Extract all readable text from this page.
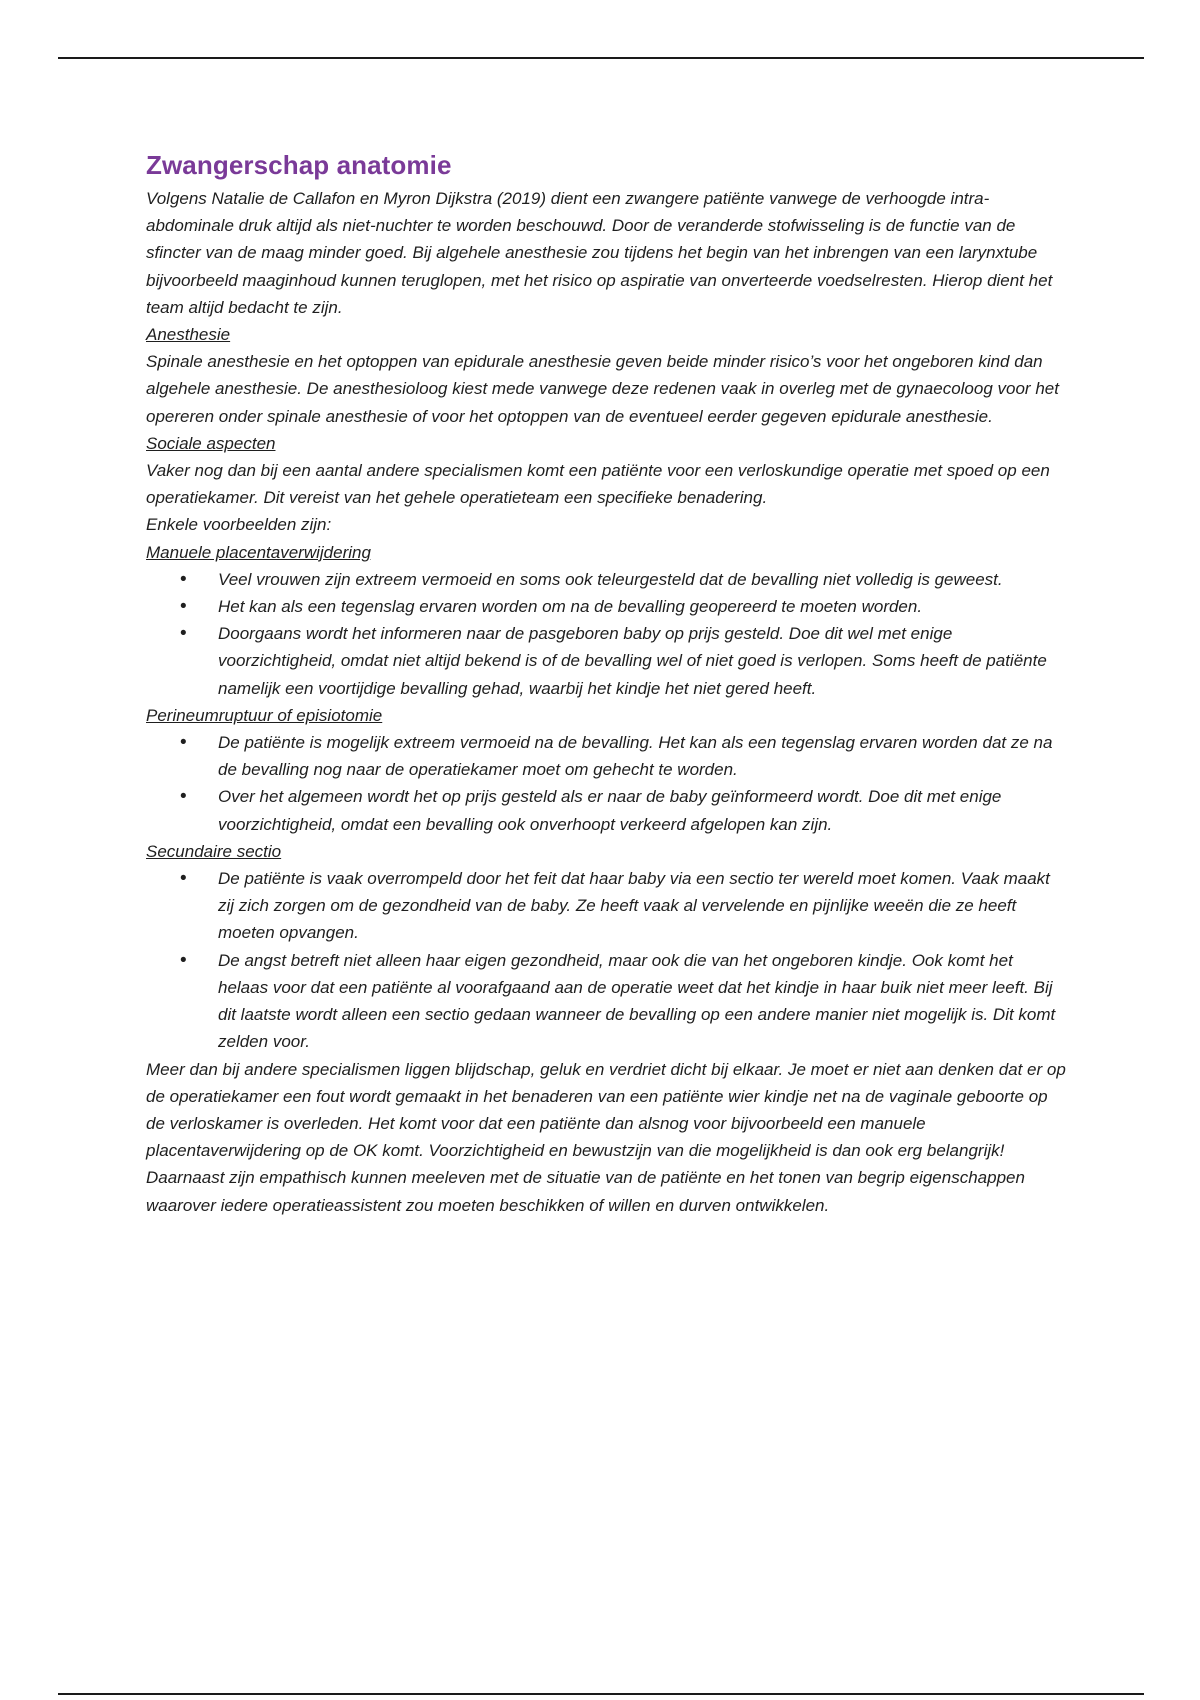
Zwangerschap anatomie

Volgens Natalie de Callafon en Myron Dijkstra (2019) dient een zwangere patiënte vanwege de verhoogde intra-abdominale druk altijd als niet-nuchter te worden beschouwd. Door de veranderde stofwisseling is de functie van de sfincter van de maag minder goed. Bij algehele anesthesie zou tijdens het begin van het inbrengen van een larynxtube bijvoorbeeld maaginhoud kunnen teruglopen, met het risico op aspiratie van onverteerde voedselresten. Hierop dient het team altijd bedacht te zijn.

Anesthesie

Spinale anesthesie en het optoppen van epidurale anesthesie geven beide minder risico’s voor het ongeboren kind dan algehele anesthesie. De anesthesioloog kiest mede vanwege deze redenen vaak in overleg met de gynaecoloog voor het opereren onder spinale anesthesie of voor het optoppen van de eventueel eerder gegeven epidurale anesthesie.

Sociale aspecten

Vaker nog dan bij een aantal andere specialismen komt een patiënte voor een verloskundige operatie met spoed op een operatiekamer. Dit vereist van het gehele operatieteam een specifieke benadering.

Enkele voorbeelden zijn:

Manuele placentaverwijdering

• Veel vrouwen zijn extreem vermoeid en soms ook teleurgesteld dat de bevalling niet volledig is geweest.
• Het kan als een tegenslag ervaren worden om na de bevalling geopereerd te moeten worden.
• Doorgaans wordt het informeren naar de pasgeboren baby op prijs gesteld. Doe dit wel met enige voorzichtigheid, omdat niet altijd bekend is of de bevalling wel of niet goed is verlopen. Soms heeft de patiënte namelijk een voortijdige bevalling gehad, waarbij het kindje het niet gered heeft.

Perineumruptuur of episiotomie

• De patiënte is mogelijk extreem vermoeid na de bevalling. Het kan als een tegenslag ervaren worden dat ze na de bevalling nog naar de operatiekamer moet om gehecht te worden.
• Over het algemeen wordt het op prijs gesteld als er naar de baby geïnformeerd wordt. Doe dit met enige voorzichtigheid, omdat een bevalling ook onverhoopt verkeerd afgelopen kan zijn.

Secundaire sectio

• De patiënte is vaak overrompeld door het feit dat haar baby via een sectio ter wereld moet komen. Vaak maakt zij zich zorgen om de gezondheid van de baby. Ze heeft vaak al vervelende en pijnlijke weeën die ze heeft moeten opvangen.
• De angst betreft niet alleen haar eigen gezondheid, maar ook die van het ongeboren kindje. Ook komt het helaas voor dat een patiënte al voorafgaand aan de operatie weet dat het kindje in haar buik niet meer leeft. Bij dit laatste wordt alleen een sectio gedaan wanneer de bevalling op een andere manier niet mogelijk is. Dit komt zelden voor.

Meer dan bij andere specialismen liggen blijdschap, geluk en verdriet dicht bij elkaar. Je moet er niet aan denken dat er op de operatiekamer een fout wordt gemaakt in het benaderen van een patiënte wier kindje net na de vaginale geboorte op de verloskamer is overleden. Het komt voor dat een patiënte dan alsnog voor bijvoorbeeld een manuele placentaverwijdering op de OK komt. Voorzichtigheid en bewustzijn van die mogelijkheid is dan ook erg belangrijk!

Daarnaast zijn empathisch kunnen meeleven met de situatie van de patiënte en het tonen van begrip eigenschappen waarover iedere operatieassistent zou moeten beschikken of willen en durven ontwikkelen.
